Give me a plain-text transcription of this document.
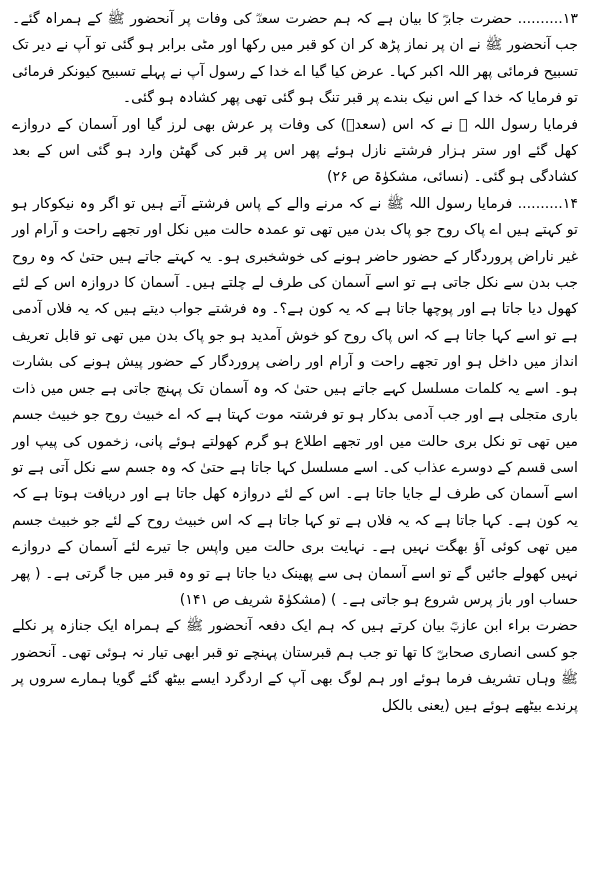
۱۳.......... حضرت جابرؓ کا بیان ہے کہ ہم حضرت سعدؓ کی وفات پر آنحضور ﷺ کے ہمراہ گئے۔ جب آنحضور ﷺ نے ان پر نماز پڑھ کر ان کو قبر میں رکھا اور مٹی برابر ہو گئی تو آپ نے دیر تک تسبیح فرمائی پھر اللہ اکبر کہا۔ عرض کیا گیا اے خدا کے رسول آپ نے پہلے تسبیح کیونکر فرمائی تو فرمایا کہ خدا کے اس نیک بندے پر قبر تنگ ہو گئی تھی پھر کشادہ ہو گئی۔

فرمایا رسول اللہ ﷺ نے کہ اس (سعدؓ) کی وفات پر عرش بھی لرز گیا اور آسمان کے دروازے کھل گئے اور ستر ہزار فرشتے نازل ہوئے پھر اس پر قبر کی گھٹن وارد ہو گئی اس کے بعد کشادگی ہو گئی۔ (نسائی، مشکوٰۃ ص ۲۶)

۱۴.......... فرمایا رسول اللہ ﷺ نے کہ مرنے والے کے پاس فرشتے آتے ہیں تو اگر وہ نیکوکار ہو تو کہتے ہیں اے پاک روح جو پاک بدن میں تھی تو عمدہ حالت میں نکل اور تجھے راحت و آرام اور غیر ناراض پروردگار کے حضور حاضر ہونے کی خوشخبری ہو۔ یہ کہتے جاتے ہیں حتیٰ کہ وہ روح جب بدن سے نکل جاتی ہے تو اسے آسمان کی طرف لے چلتے ہیں۔ آسمان کا دروازہ اس کے لئے کھول دیا جاتا ہے اور پوچھا جاتا ہے کہ یہ کون ہے؟۔ وہ فرشتے جواب دیتے ہیں کہ یہ فلاں آدمی ہے تو اسے کہا جاتا ہے کہ اس پاک روح کو خوش آمدید ہو جو پاک بدن میں تھی تو قابل تعریف انداز میں داخل ہو اور تجھے راحت و آرام اور راضی پروردگار کے حضور پیش ہونے کی بشارت ہو۔ اسے یہ کلمات مسلسل کہے جاتے ہیں حتیٰ کہ وہ آسمان تک پہنچ جاتی ہے جس میں ذات باری متجلی ہے اور جب آدمی بدکار ہو تو فرشتہ موت کہتا ہے کہ اے خبیث روح جو خبیث جسم میں تھی تو نکل بری حالت میں اور تجھے اطلاع ہو گرم کھولتے ہوئے پانی، زخموں کی پیپ اور اسی قسم کے دوسرے عذاب کی۔ اسے مسلسل کہا جاتا ہے حتیٰ کہ وہ جسم سے نکل آتی ہے تو اسے آسمان کی طرف لے جایا جاتا ہے۔ اس کے لئے دروازہ کھل جاتا ہے اور دریافت ہوتا ہے کہ یہ کون ہے۔ کہا جاتا ہے کہ یہ فلاں ہے تو کہا جاتا ہے کہ اس خبیث روح کے لئے جو خبیث جسم میں تھی کوئی آؤ بھگت نہیں ہے۔ نہایت بری حالت میں واپس جا تیرے لئے آسمان کے دروازے نہیں کھولے جائیں گے تو اسے آسمان ہی سے پھینک دیا جاتا ہے تو وہ قبر میں جا گرتی ہے۔ ( پھر حساب اور باز پرس شروع ہو جاتی ہے۔ ) (مشکوٰۃ شریف ص ۱۴۱)

حضرت براء ابن عازبؓ بیان کرتے ہیں کہ ہم ایک دفعہ آنحضور ﷺ کے ہمراہ ایک جنازہ پر نکلے جو کسی انصاری صحابیؓ کا تھا تو جب ہم قبرستان پہنچے تو قبر ابھی تیار نہ ہوئی تھی۔ آنحضور ﷺ وہاں تشریف فرما ہوئے اور ہم لوگ بھی آپ کے اردگرد ایسے بیٹھ گئے گویا ہمارے سروں پر پرندے بیٹھے ہوئے ہیں (یعنی بالکل
